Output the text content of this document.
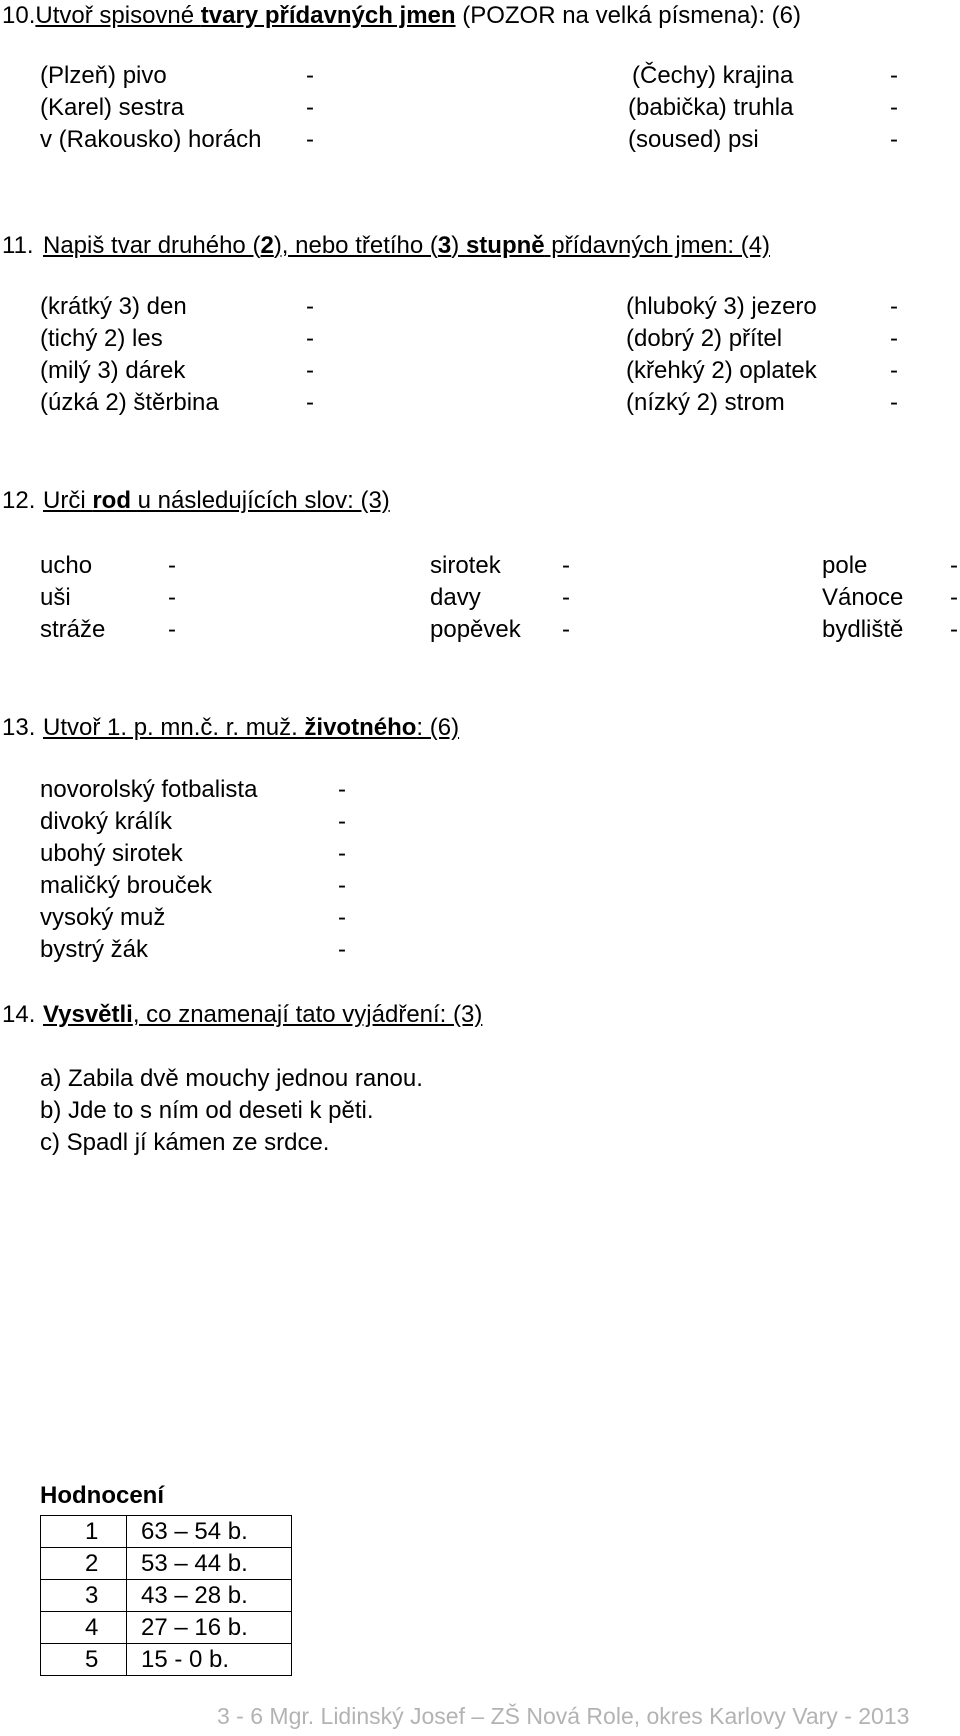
10.Utvoř spisovné tvary přídavných jmen (POZOR na velká písmena): (6)
(Plzeň) pivo	-	(Čechy) krajina	-
(Karel) sestra	-	(babička) truhla	-
v (Rakousko) horách -	(soused) psi	-
11. Napiš tvar druhého (2), nebo třetího (3) stupně přídavných jmen: (4)
(krátký 3) den	-	(hluboký 3) jezero	-
(tichý 2) les	-	(dobrý 2) přítel	-
(milý 3) dárek	-	(křehký 2) oplatek	-
(úzká 2) štěrbina	-	(nízký 2) strom	-
12. Urči rod u následujících slov: (3)
ucho	-	sirotek	-	pole	-
uši	-	davy	-	Vánoce -
stráže	-	popěvek -	bydliště -
13. Utvoř 1. p. mn.č. r. muž. životného: (6)
novorolský fotbalista	-
divoký králík	-
ubohý sirotek	-
maličký brouček	-
vysoký muž	-
bystrý žák	-
14. Vysvětli, co znamenají tato vyjádření: (3)
a) Zabila dvě mouchy jednou ranou.
b) Jde to s ním od deseti k pěti.
c) Spadl jí kámen ze srdce.
Hodnocení
1	63 – 54 b.
2	53 – 44 b.
3	43 – 28 b.
4	27 – 16 b.
5	15 - 0 b.
3 - 6 Mgr. Lidinský Josef – ZŠ Nová Role, okres Karlovy Vary - 2013
